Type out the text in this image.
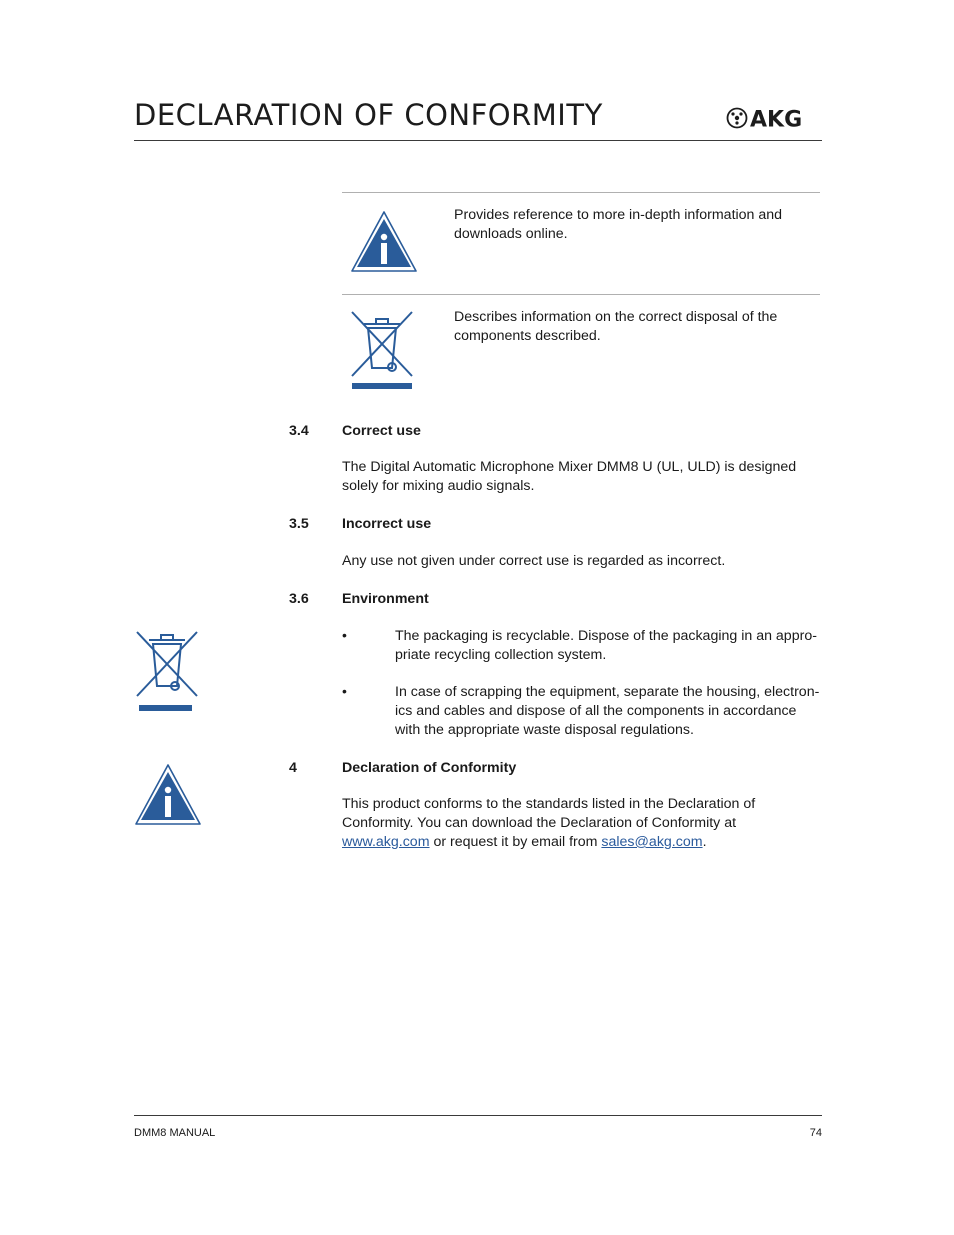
DECLARATION OF CONFORMITY	AKG
Provides reference to more in-depth information and downloads online.
Describes information on the correct disposal of the components described.
3.4 Correct use
The Digital Automatic Microphone Mixer DMM8 U (UL, ULD) is designed solely for mixing audio signals.
3.5 Incorrect use
Any use not given under correct use is regarded as incorrect.
3.6 Environment
•	The packaging is recyclable. Dispose of the packaging in an appro-priate recycling collection system.
•	In case of scrapping the equipment, separate the housing, electron-ics and cables and dispose of all the components in accordance with the appropriate waste disposal regulations.
4	Declaration of Conformity
This product conforms to the standards listed in the Declaration of Conformity. You can download the Declaration of Conformity at www.akg.com or request it by email from sales@akg.com.
DMM8 MANUAL	74
